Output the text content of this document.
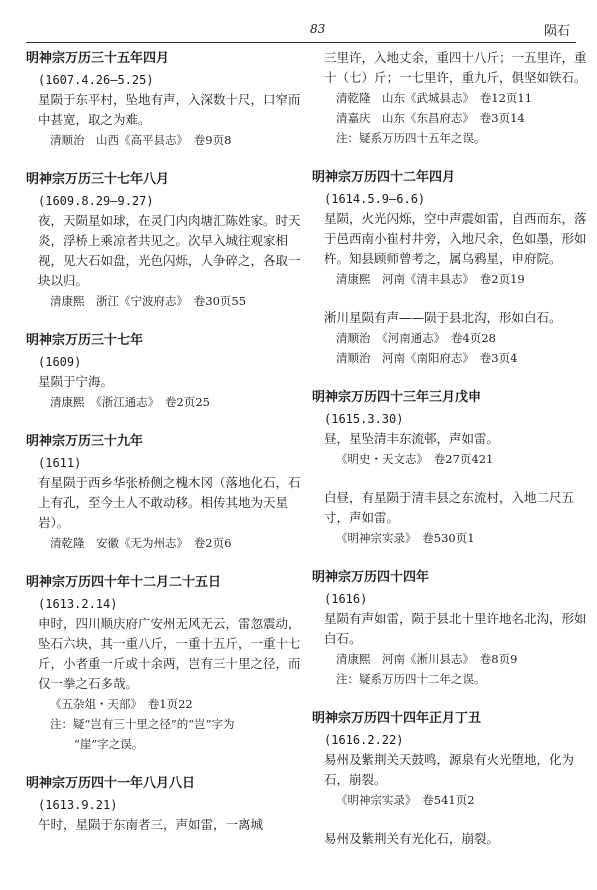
83	陨石
明神宗万历三十五年四月
(1607.4.26—5.25)
星陨于东平村，坠地有声，入深数十尺，口窄而中甚宽，取之为难。
清顺治　山西《高平县志》　卷9页8
明神宗万历三十七年八月
(1609.8.29—9.27)
夜，天陨星如球，在灵门内肉塘汇陈姓家。时天炎，浮桥上乘凉者共见之。次早入城往观家相视，见大石如盘，光色闪烁，人争碎之，各取一块以归。
清康熙　浙江《宁波府志》　卷30页55
明神宗万历三十七年
(1609)
星陨于宁海。
清康熙　《浙江通志》　卷2页25
明神宗万历三十九年
(1611)
有星陨于西乡华张桥侧之槐木冈（落地化石，石上有孔，至今土人不敢动移。相传其地为天星岩）。
清乾隆　安徽《无为州志》　卷2页6
明神宗万历四十年十二月二十五日
(1613.2.14)
申时，四川顺庆府广安州无风无云，雷忽震动，坠石六块，其一重八斤，一重十五斤，一重十七斤，小者重一斤或十余两，岂有三十里之径，而仅一拳之石多哉。
《五杂俎・天部》　卷1页22
注：疑“岂有三十里之径”的“岂”字为
“崖”字之误。
明神宗万历四十一年八月八日
(1613.9.21)
午时，星陨于东南者三，声如雷，一离城
三里许，入地丈余，重四十八斤；一五里许，重十（七）斤；一七里许，重九斤，俱坚如铁石。
清乾隆　山东《武城县志》　卷12页11
清嘉庆　山东《东昌府志》　卷3页14
注：疑系万历四十五年之误。
明神宗万历四十二年四月
(1614.5.9—6.6)
星陨，火光闪烁，空中声震如雷，自西而东，落于邑西南小崔村井旁，入地尺余，色如墨，形如杵。知县顾师曾考之，属乌鸦星，申府院。
清康熙　河南《清丰县志》　卷2页19
淅川星陨有声——陨于县北沟，形如白石。
清顺治　《河南通志》　卷4页28
清顺治　河南《南阳府志》　卷3页4
明神宗万历四十三年三月戊申
(1615.3.30)
昼，星坠清丰东流邨，声如雷。
《明史・天文志》　卷27页421
白昼，有星陨于清丰县之东流村，入地二尺五寸，声如雷。
《明神宗实录》　卷530页1
明神宗万历四十四年
(1616)
星陨有声如雷，陨于县北十里许地名北沟，形如白石。
清康熙　河南《淅川县志》　卷8页9
注：疑系万历四十二年之误。
明神宗万历四十四年正月丁丑
(1616.2.22)
易州及紫荆关天鼓鸣，源泉有火光堕地，化为石，崩裂。
《明神宗实录》　卷541页2
易州及紫荆关有光化石，崩裂。
